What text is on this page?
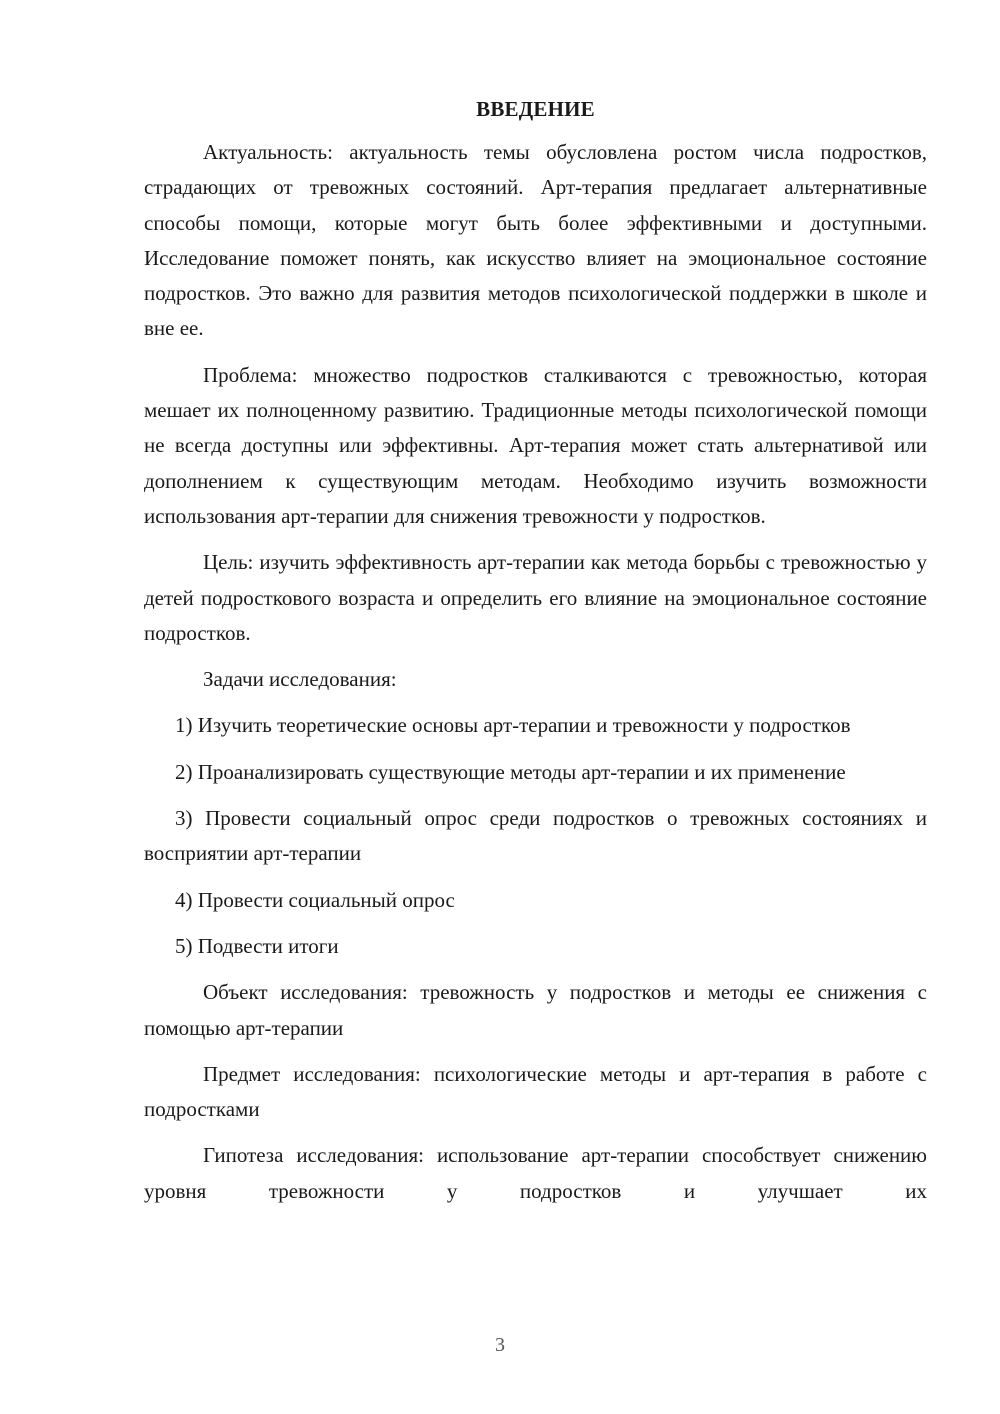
ВВЕДЕНИЕ

Актуальность: актуальность темы обусловлена ростом числа подростков, страдающих от тревожных состояний. Арт-терапия предлагает альтернативные способы помощи, которые могут быть более эффективными и доступными. Исследование поможет понять, как искусство влияет на эмоциональное состояние подростков. Это важно для развития методов психологической поддержки в школе и вне ее.

Проблема: множество подростков сталкиваются с тревожностью, которая мешает их полноценному развитию. Традиционные методы психологической помощи не всегда доступны или эффективны. Арт-терапия может стать альтернативой или дополнением к существующим методам. Необходимо изучить возможности использования арт-терапии для снижения тревожности у подростков.

Цель: изучить эффективность арт-терапии как метода борьбы с тревожностью у детей подросткового возраста и определить его влияние на эмоциональное состояние подростков.

Задачи исследования:

1) Изучить теоретические основы арт-терапии и тревожности у подростков

2) Проанализировать существующие методы арт-терапии и их применение

3) Провести социальный опрос среди подростков о тревожных состояниях и восприятии арт-терапии

4) Провести социальный опрос

5) Подвести итоги

Объект исследования: тревожность у подростков и методы ее снижения с помощью арт-терапии

Предмет исследования: психологические методы и арт-терапия в работе с подростками

Гипотеза исследования: использование арт-терапии способствует снижению уровня тревожности у подростков и улучшает их

3
